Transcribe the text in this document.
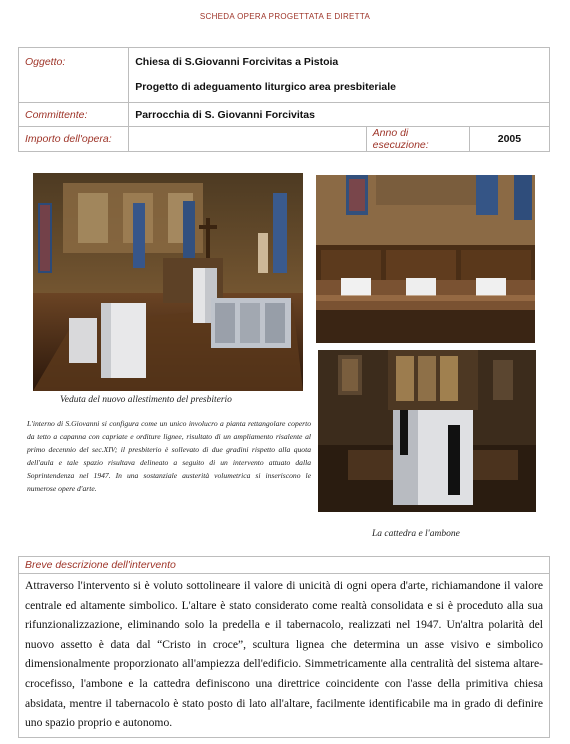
SCHEDA OPERA PROGETTATA E DIRETTA
Oggetto:	Chiesa di S.Giovanni Forcivitas a Pistoia
Progetto di adeguamento liturgico area presbiteriale		

Committente:	Parrocchia di S. Giovanni Forcivitas		
Importo dell'opera:		Anno di esecuzione:	2005
Veduta del nuovo allestimento del presbiterio
L'interno di S.Giovanni si configura come un unico involucro a pianta rettangolare coperto da tetto a capanna con capriate e orditure lignee, risultato di un ampliamento risalente al primo decennio del sec.XIV; il presbiterio è sollevato di due gradini rispetto alla quota dell'aula e tale spazio risultava delineato a seguito di un intervento attuato dalla Soprintendenza nel 1947. In una sostanziale austerità volumetrica si inseriscono le numerose opere d'arte.
La cattedra e l'ambone
Breve descrizione dell'intervento
Attraverso l'intervento si è voluto sottolineare il valore di unicità di ogni opera d'arte, richiamandone il valore centrale ed altamente simbolico. L'altare è stato considerato come realtà consolidata e si è proceduto alla sua rifunzionalizzazione, eliminando solo la predella e il tabernacolo, realizzati nel 1947. Un'altra polarità del nuovo assetto è data dal “Cristo in croce”, scultura lignea che determina un asse visivo e simbolico dimensionalmente proporzionato all'ampiezza dell'edificio. Simmetricamente alla centralità del sistema altare-crocefisso, l'ambone e la cattedra definiscono una direttrice coincidente con l'asse della primitiva chiesa absidata, mentre il tabernacolo è stato posto di lato all'altare, facilmente identificabile ma in grado di definire uno spazio proprio e autonomo.
